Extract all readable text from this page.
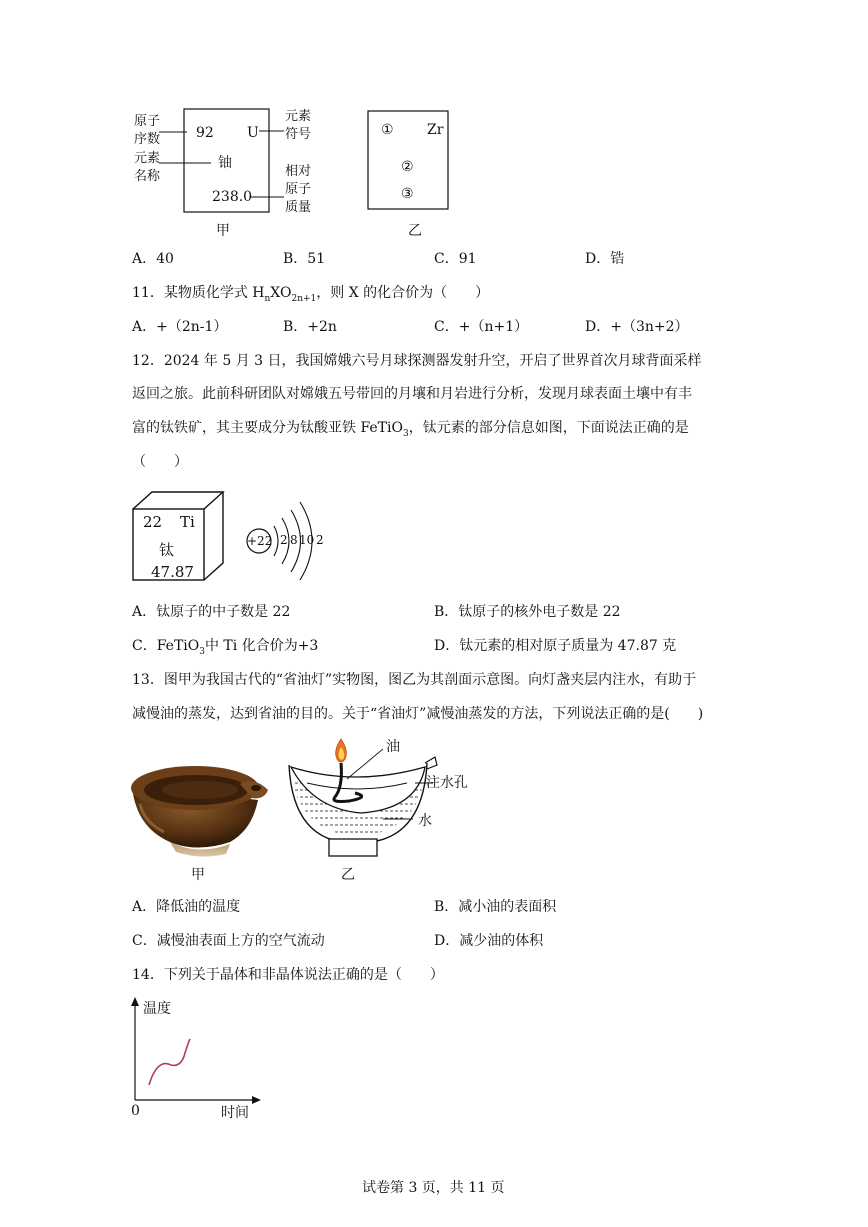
原子
序数
元素
名称
元素
符号
相对
原子
质量
92 U
铀
238.0
甲
① Zr
②
③
乙
A．40	B．51	C．91	D．锆
11．某物质化学式 $H_nXO_{2n+1}$，则 X 的化合价为（　　）
A．+（2n-1）	B．+2n	C．+（n+1）	D．+（3n+2）
12．2024 年 5 月 3 日，我国嫦娥六号月球探测器发射升空，开启了世界首次月球背面采样
返回之旅。此前科研团队对嫦娥五号带回的月壤和月岩进行分析，发现月球表面土壤中有丰
富的钛铁矿，其主要成分为钛酸亚铁 FeTiO$_3$，钛元素的部分信息如图，下面说法正确的是
（　　）
22 Ti
钛
47.87
+22 2 8 10 2
A．钛原子的中子数是 22	B．钛原子的核外电子数是 22
C．FeTiO$_3$中 Ti 化合价为+3	D．钛元素的相对原子质量为 47.87 克
13．图甲为我国古代的“省油灯”实物图，图乙为其剖面示意图。向灯盏夹层内注水，有助于
减慢油的蒸发，达到省油的目的。关于“省油灯”减慢油蒸发的方法，下列说法正确的是(　　)
油
注水孔
水
甲	乙
A．降低油的温度	B．减小油的表面积
C．减慢油表面上方的空气流动	D．减少油的体积
14．下列关于晶体和非晶体说法正确的是（　　）
温度
时间
0
试卷第 3 页，共 11 页
